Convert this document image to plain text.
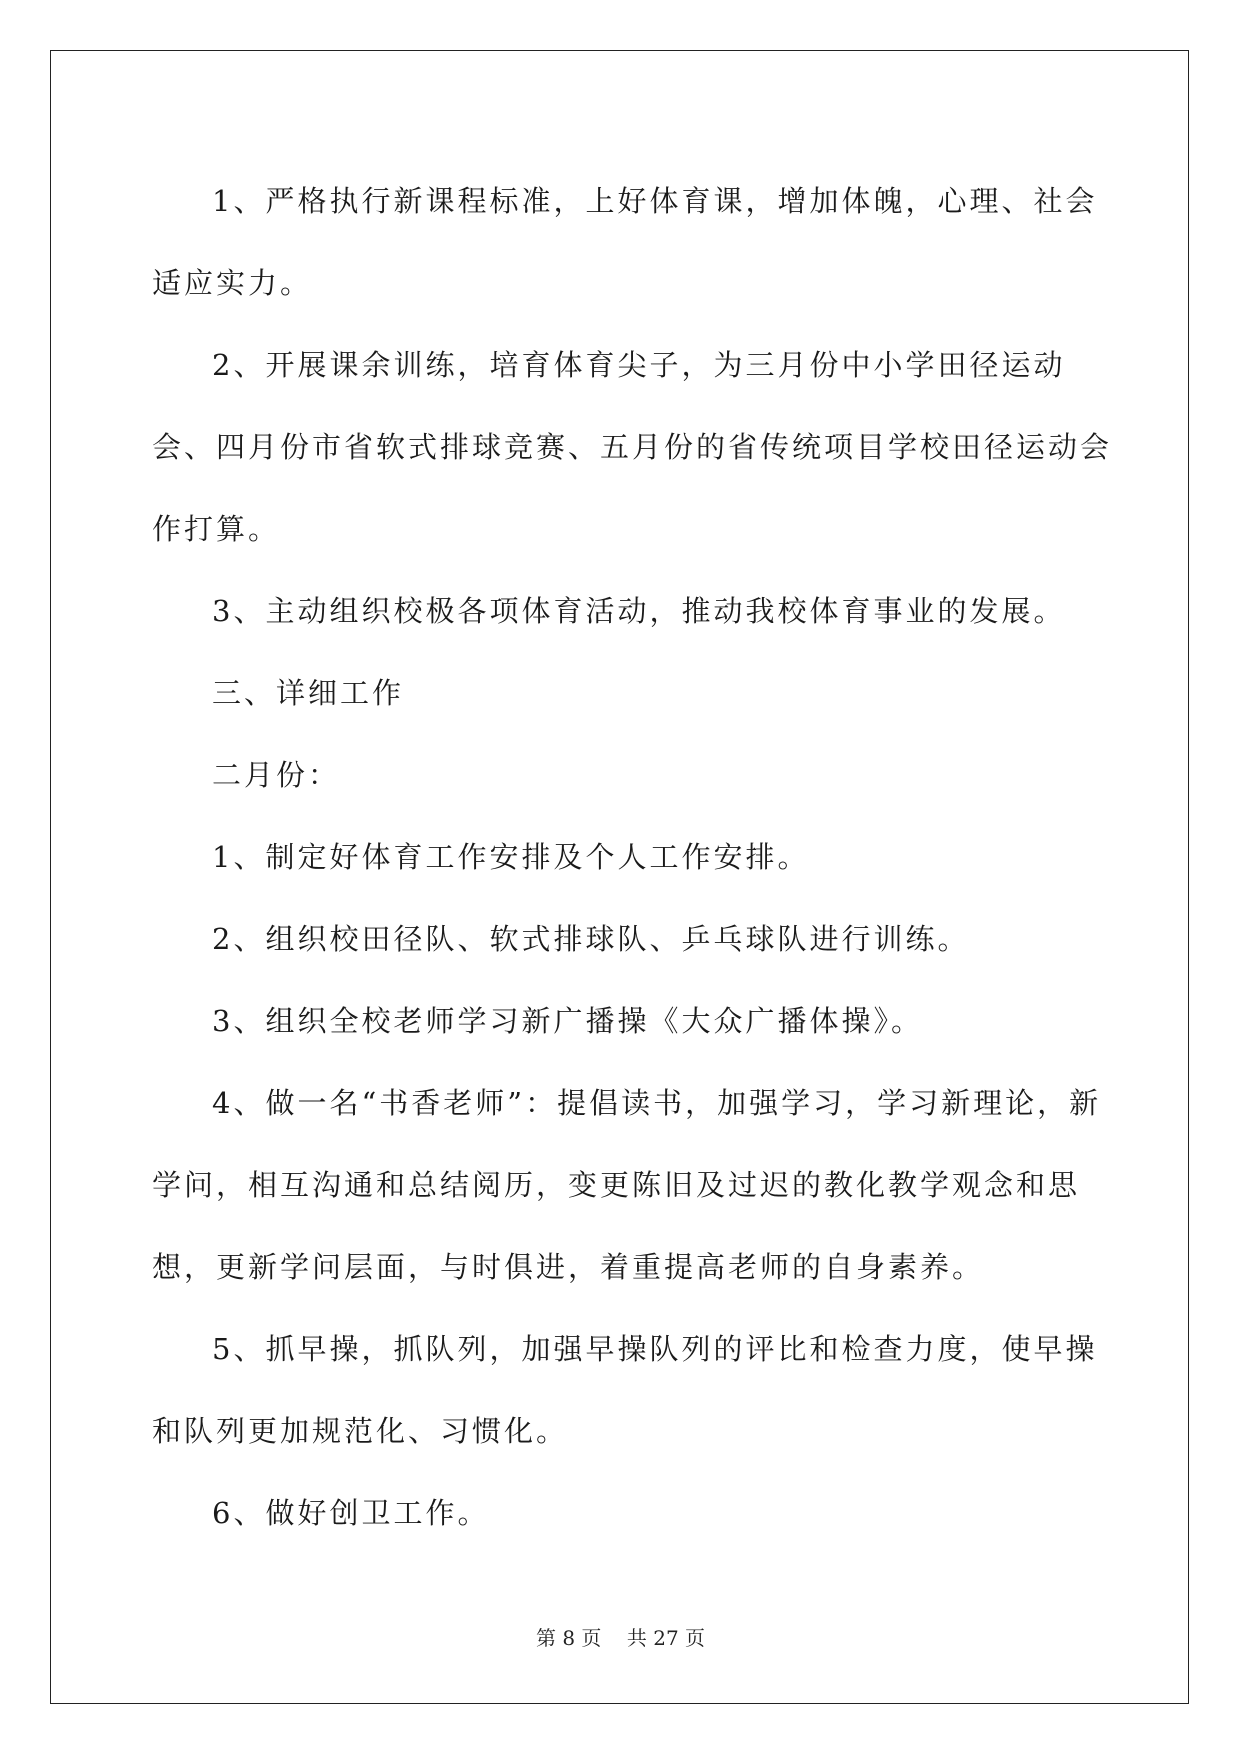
1、严格执行新课程标准，上好体育课，增加体魄，心理、社会适应实力。

2、开展课余训练，培育体育尖子，为三月份中小学田径运动会、四月份市省软式排球竞赛、五月份的省传统项目学校田径运动会作打算。

3、主动组织校极各项体育活动，推动我校体育事业的发展。

三、详细工作

二月份：

1、制定好体育工作安排及个人工作安排。

2、组织校田径队、软式排球队、乒乓球队进行训练。

3、组织全校老师学习新广播操《大众广播体操》。

4、做一名“书香老师”：提倡读书，加强学习，学习新理论，新学问，相互沟通和总结阅历，变更陈旧及过迟的教化教学观念和思想，更新学问层面，与时俱进，着重提高老师的自身素养。

5、抓早操，抓队列，加强早操队列的评比和检查力度，使早操和队列更加规范化、习惯化。

6、做好创卫工作。

第 8 页 共 27 页
